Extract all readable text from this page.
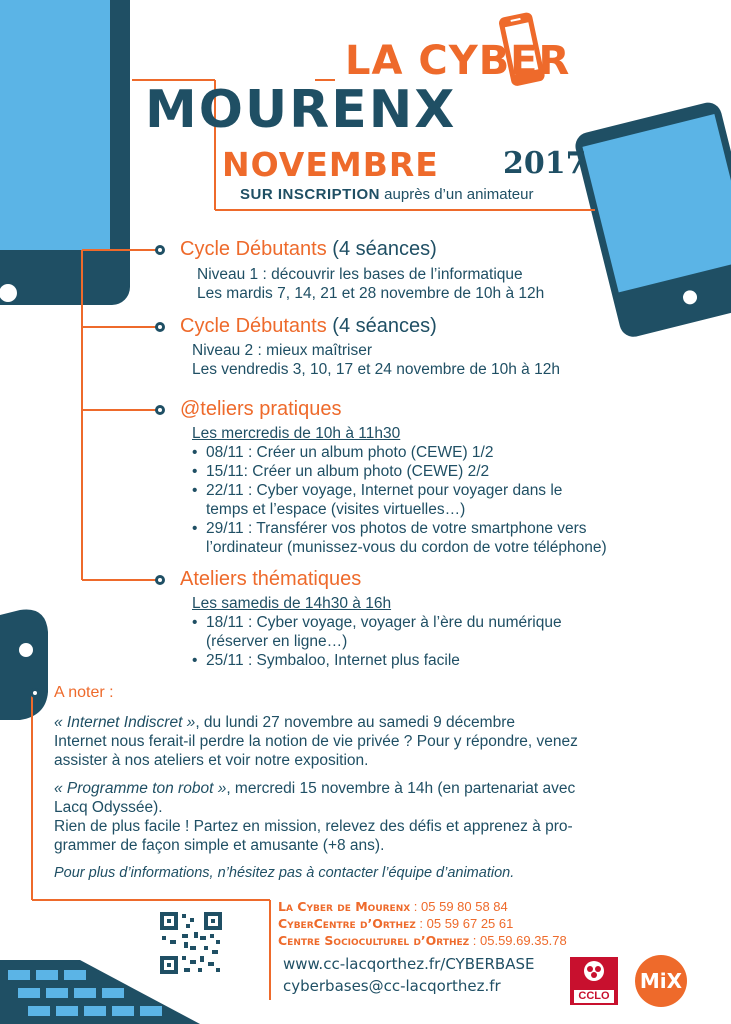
LA CYBER
MOURENX
NOVEMBRE 2017
SUR INSCRIPTION auprès d’un animateur
Cycle Débutants (4 séances)
Niveau 1 : découvrir les bases de l’informatique
Les mardis 7, 14, 21 et 28 novembre de 10h à 12h
Cycle Débutants (4 séances)
Niveau 2 : mieux maîtriser
Les vendredis 3, 10, 17 et 24 novembre de 10h à 12h
@teliers pratiques
Les mercredis de 10h à 11h30
• 08/11 : Créer un album photo (CEWE) 1/2
• 15/11: Créer un album photo (CEWE) 2/2
• 22/11 : Cyber voyage, Internet pour voyager dans le
temps et l’espace (visites virtuelles…)
• 29/11 : Transférer vos photos de votre smartphone vers
l’ordinateur (munissez-vous du cordon de votre téléphone)
Ateliers thématiques
Les samedis de 14h30 à 16h
• 18/11 : Cyber voyage, voyager à l’ère du numérique
(réserver en ligne…)
• 25/11 : Symbaloo, Internet plus facile
A noter :
« Internet Indiscret », du lundi 27 novembre au samedi 9 décembre
Internet nous ferait-il perdre la notion de vie privée ? Pour y répondre, venez
assister à nos ateliers et voir notre exposition.
« Programme ton robot », mercredi 15 novembre à 14h (en partenariat avec
Lacq Odyssée).
Rien de plus facile ! Partez en mission, relevez des défis et apprenez à pro-
grammer de façon simple et amusante (+8 ans).
Pour plus d’informations, n’hésitez pas à contacter l’équipe d’animation.
La Cyber de Mourenx : 05 59 80 58 84
CyberCentre d’Orthez : 05 59 67 25 61
Centre Socioculturel d’Orthez : 05.59.69.35.78
www.cc-lacqorthez.fr/CYBERBASE
cyberbases@cc-lacqorthez.fr
CCLO
MiX
